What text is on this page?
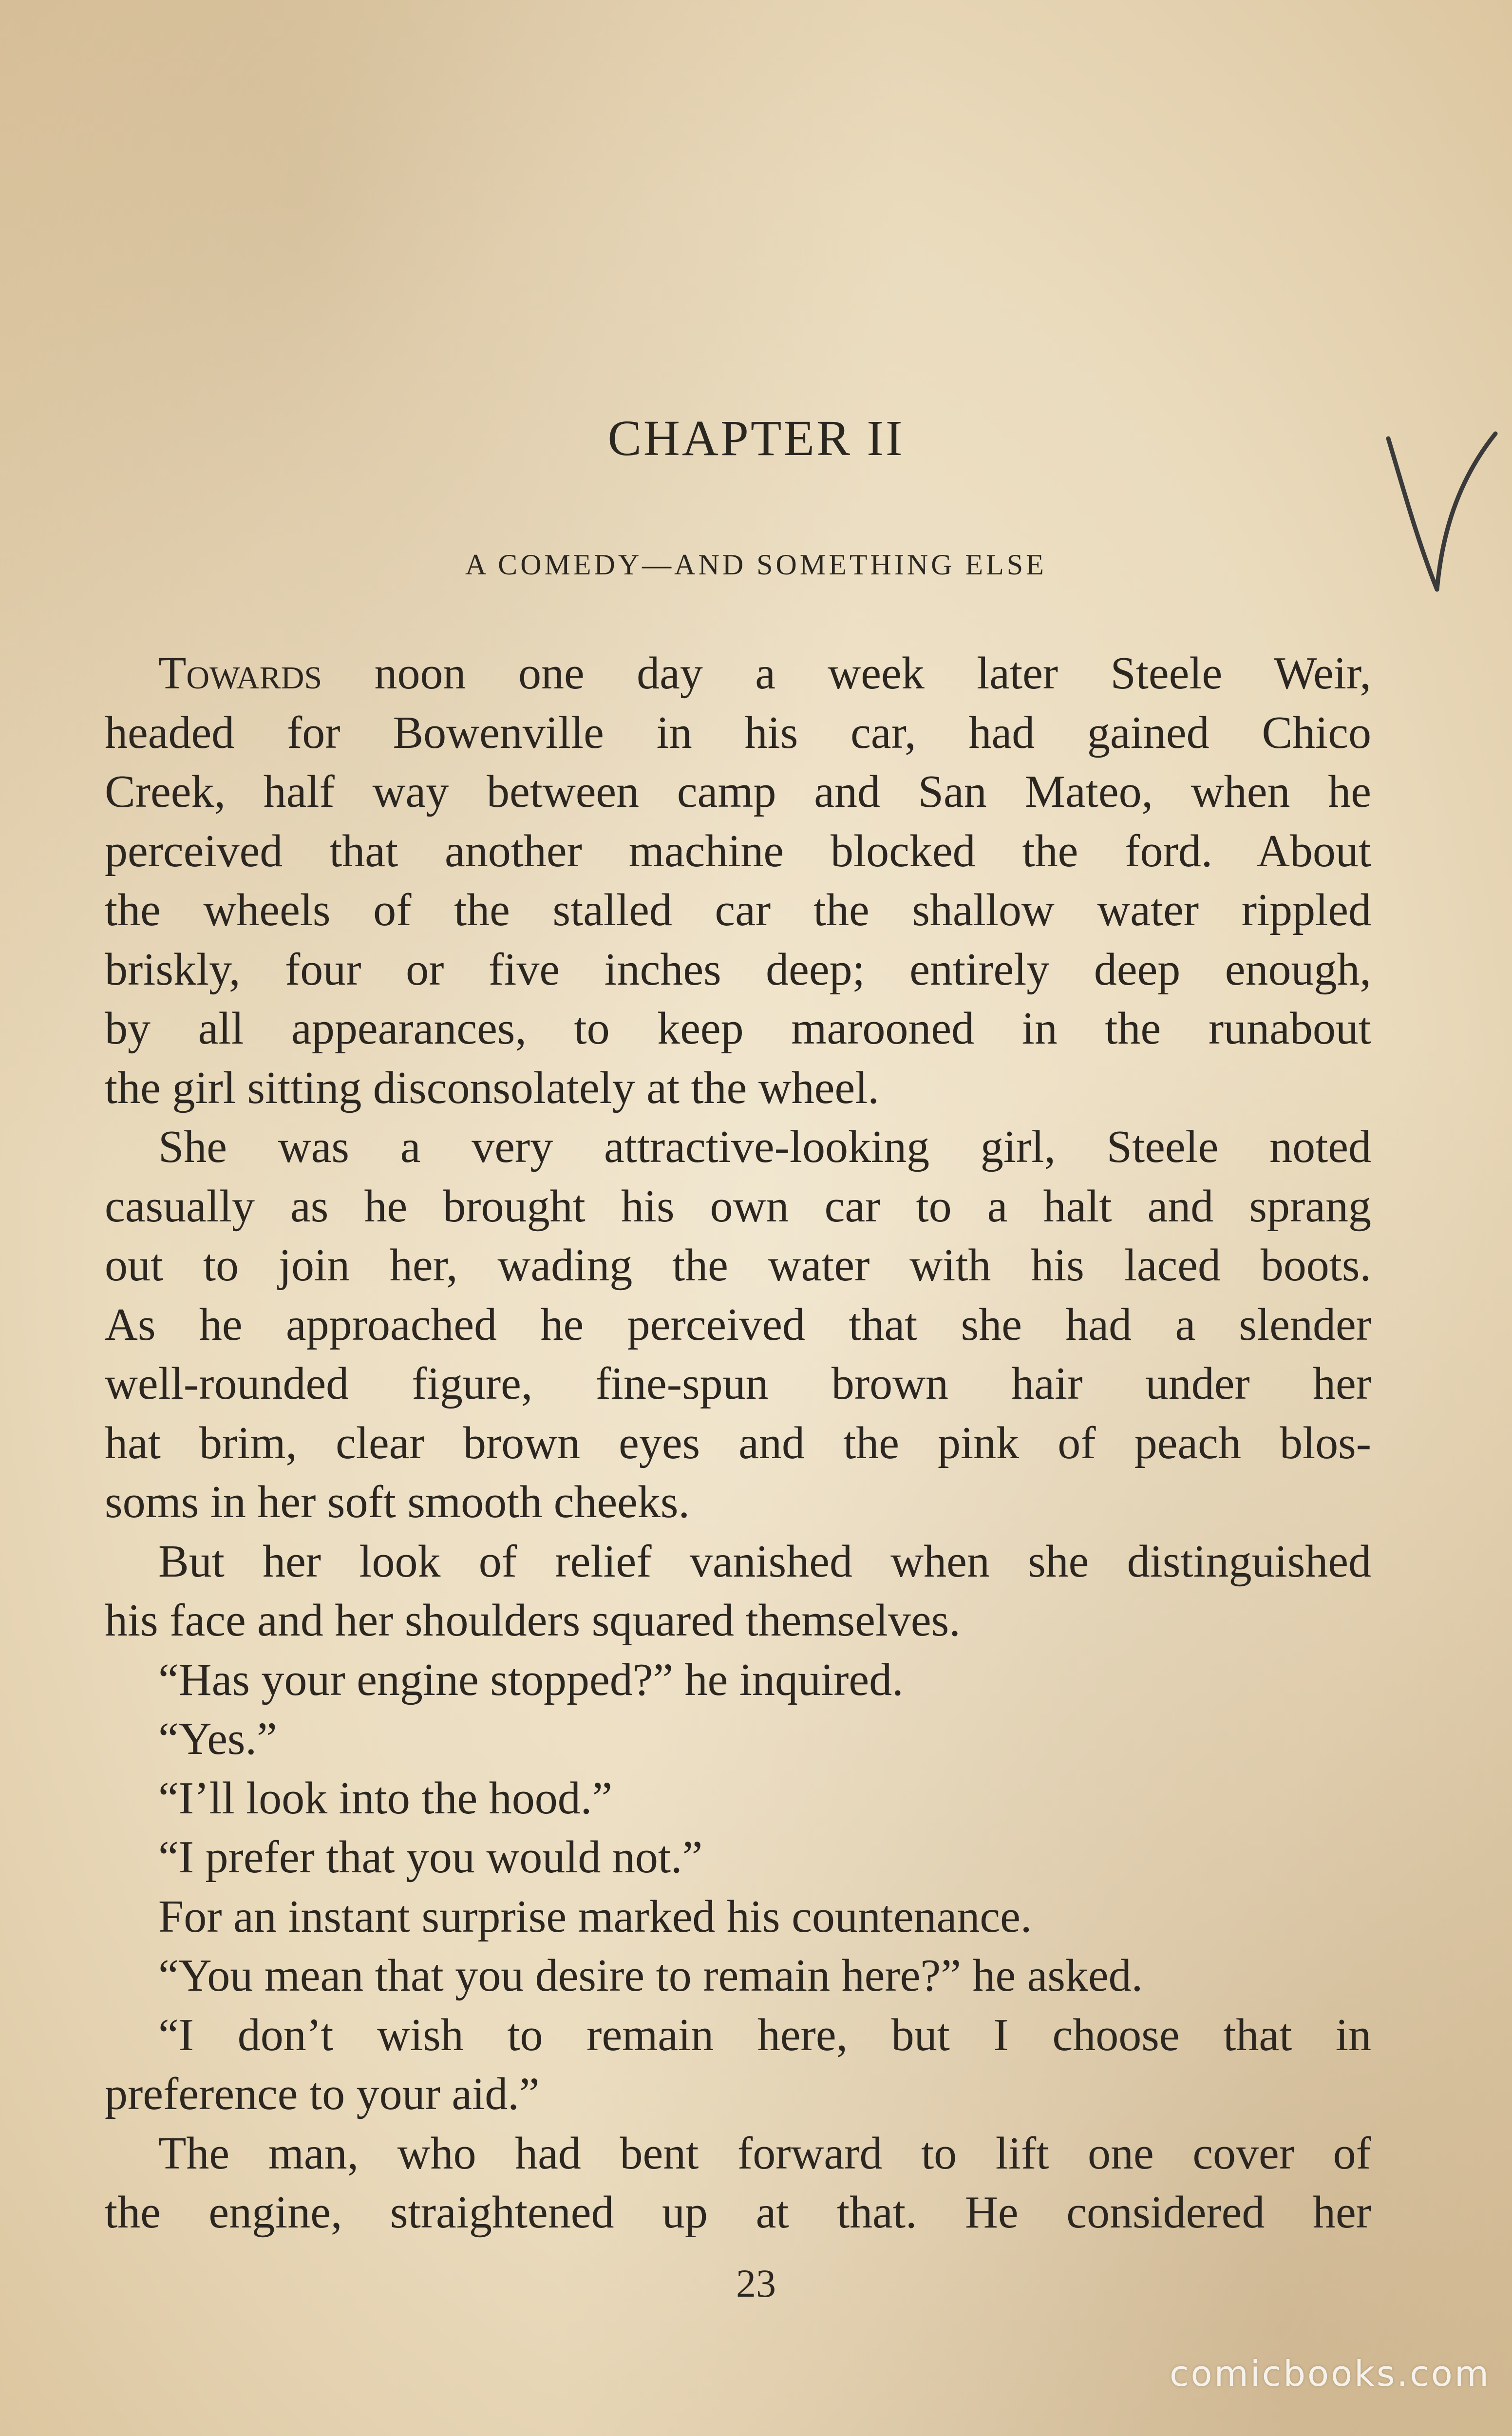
CHAPTER II
A COMEDY—AND SOMETHING ELSE
Towards noon one day a week later Steele Weir,
headed for Bowenville in his car, had gained Chico
Creek, half way between camp and San Mateo, when he
perceived that another machine blocked the ford. About
the wheels of the stalled car the shallow water rippled
briskly, four or five inches deep; entirely deep enough,
by all appearances, to keep marooned in the runabout
the girl sitting disconsolately at the wheel.
She was a very attractive-looking girl, Steele noted
casually as he brought his own car to a halt and sprang
out to join her, wading the water with his laced boots.
As he approached he perceived that she had a slender
well-rounded figure, fine-spun brown hair under her
hat brim, clear brown eyes and the pink of peach blos-
soms in her soft smooth cheeks.
But her look of relief vanished when she distinguished
his face and her shoulders squared themselves.
“Has your engine stopped?” he inquired.
“Yes.”
“I’ll look into the hood.”
“I prefer that you would not.”
For an instant surprise marked his countenance.
“You mean that you desire to remain here?” he asked.
“I don’t wish to remain here, but I choose that in
preference to your aid.”
The man, who had bent forward to lift one cover of
the engine, straightened up at that. He considered her
23
comicbooks.com
